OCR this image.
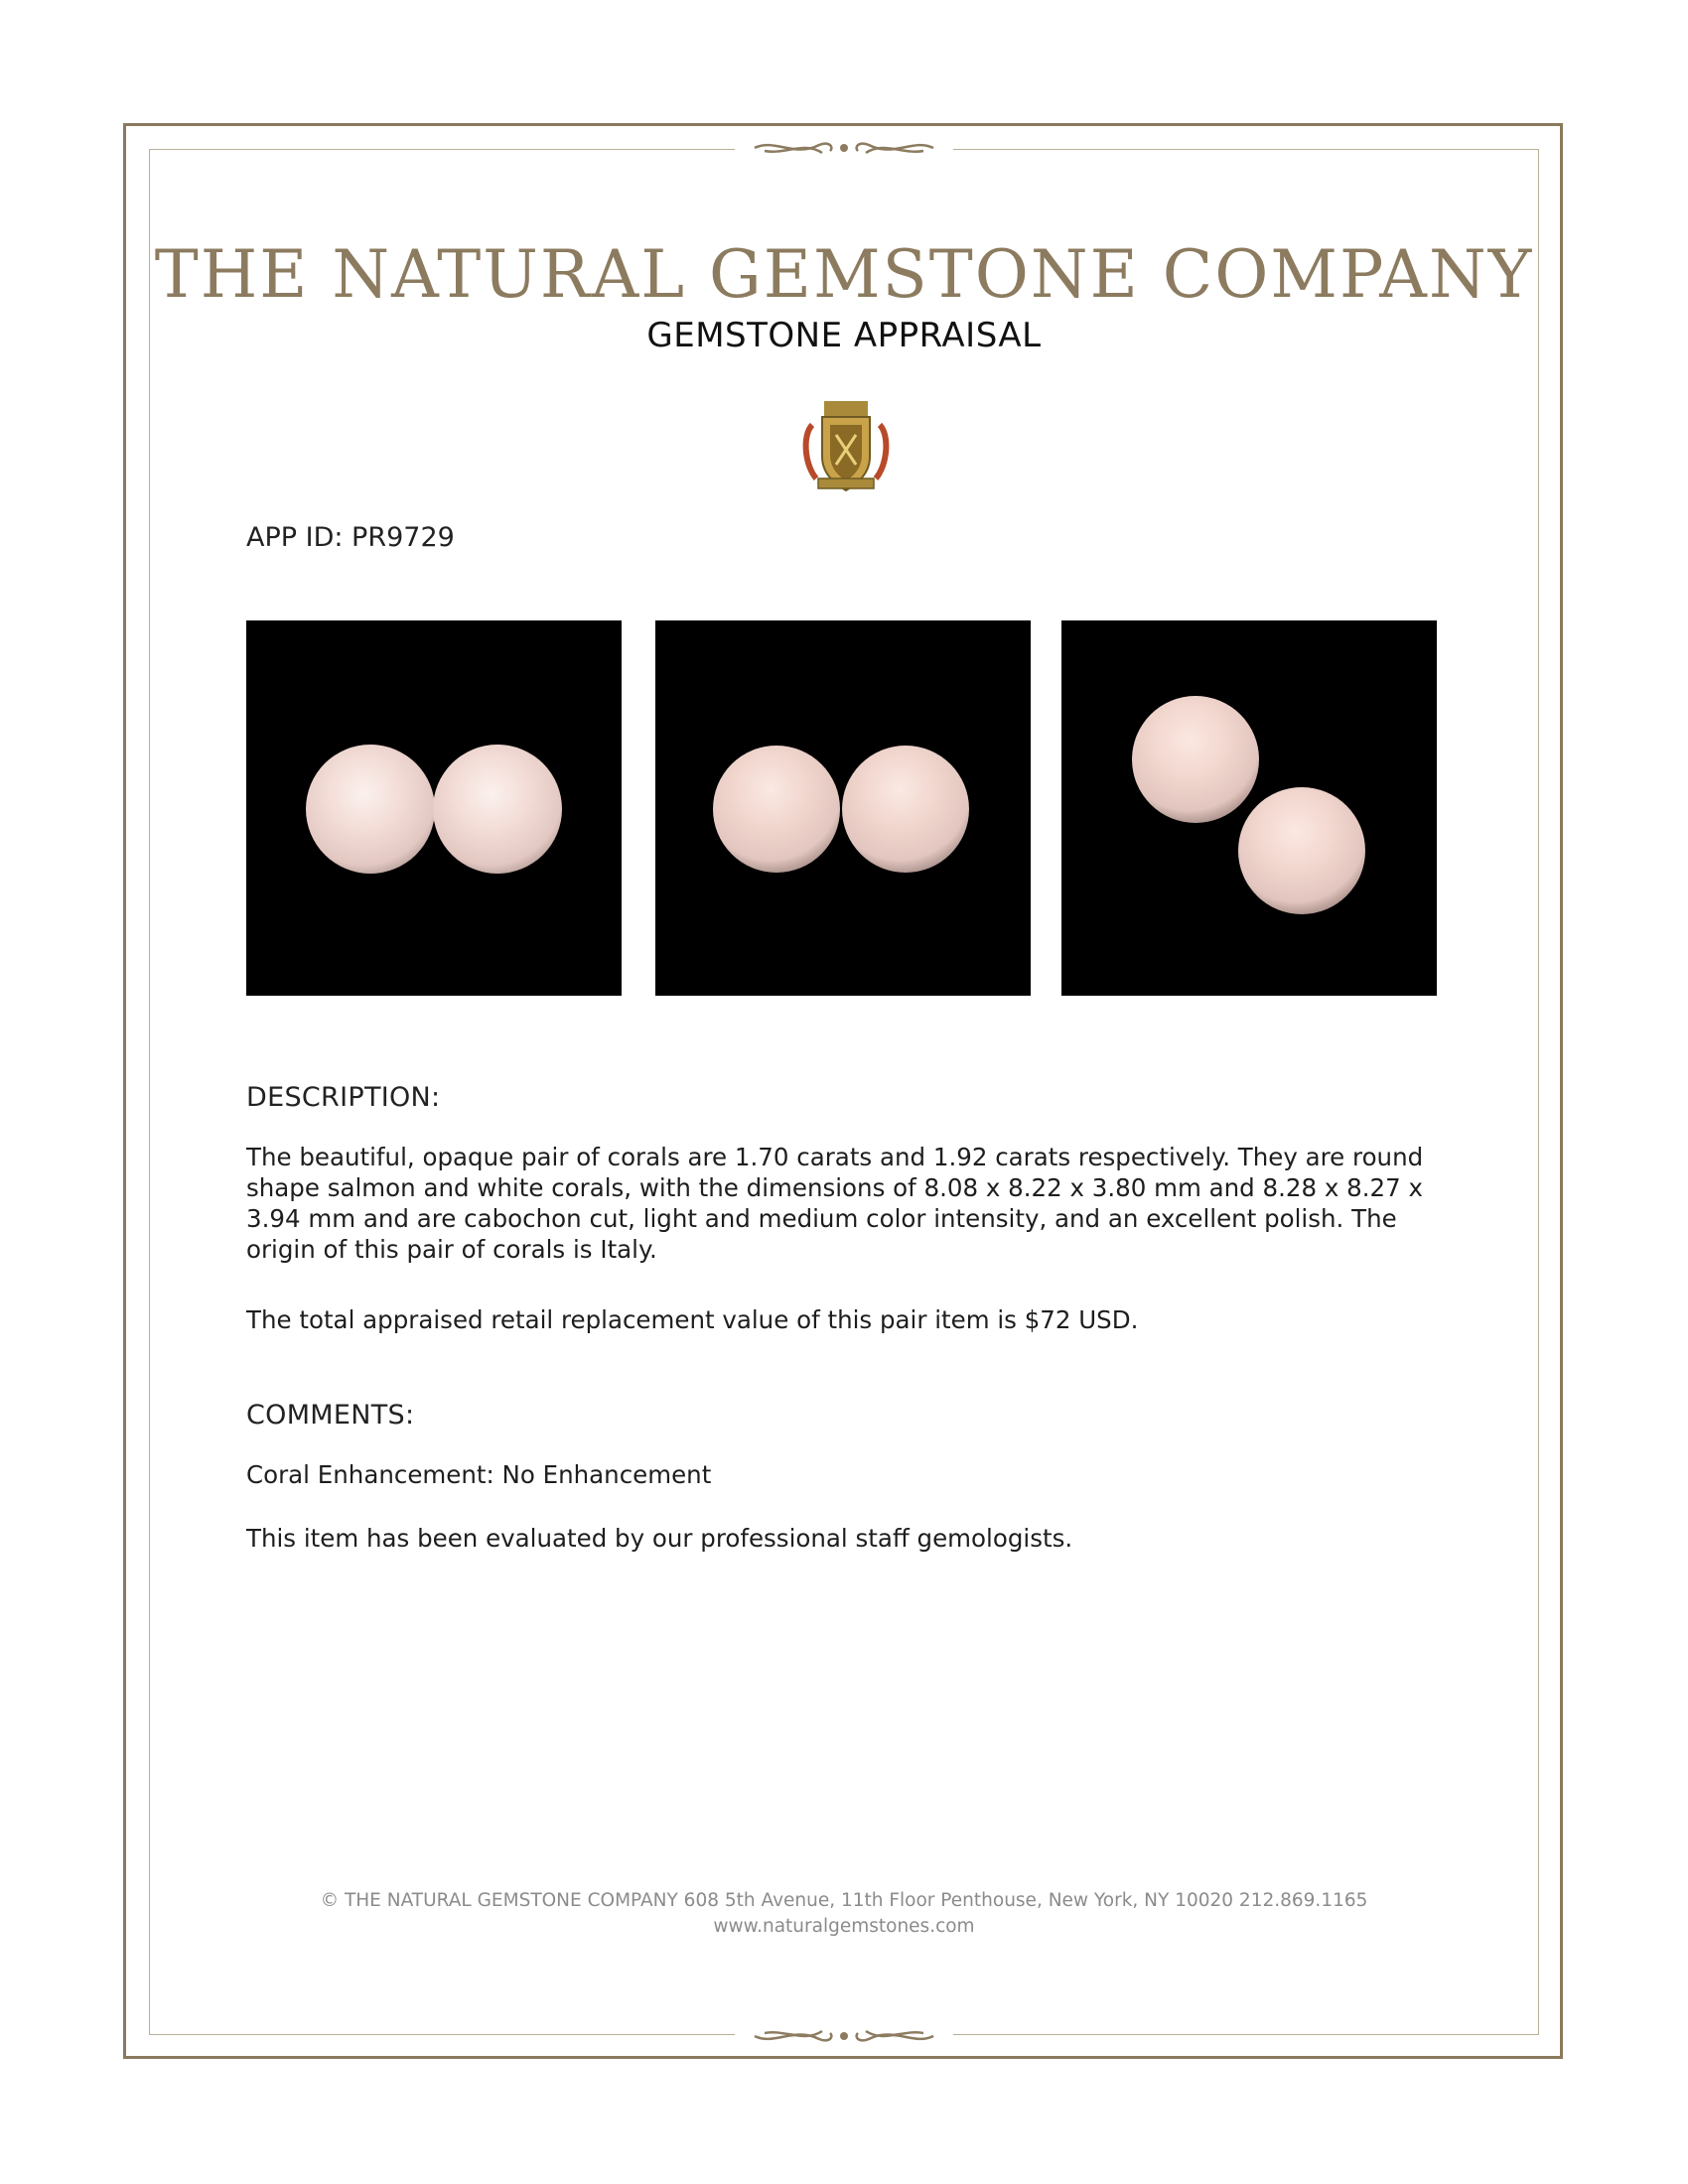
THE NATURAL GEMSTONE COMPANY
GEMSTONE APPRAISAL
APP ID: PR9729
DESCRIPTION:
The beautiful, opaque pair of corals are 1.70 carats and 1.92 carats respectively. They are round shape salmon and white corals, with the dimensions of 8.08 x 8.22 x 3.80 mm and 8.28 x 8.27 x 3.94 mm and are cabochon cut, light and medium color intensity, and an excellent polish. The origin of this pair of corals is Italy.
The total appraised retail replacement value of this pair item is $72 USD.
COMMENTS:
Coral Enhancement: No Enhancement
This item has been evaluated by our professional staff gemologists.
© THE NATURAL GEMSTONE COMPANY 608 5th Avenue, 11th Floor Penthouse, New York, NY 10020 212.869.1165
www.naturalgemstones.com
